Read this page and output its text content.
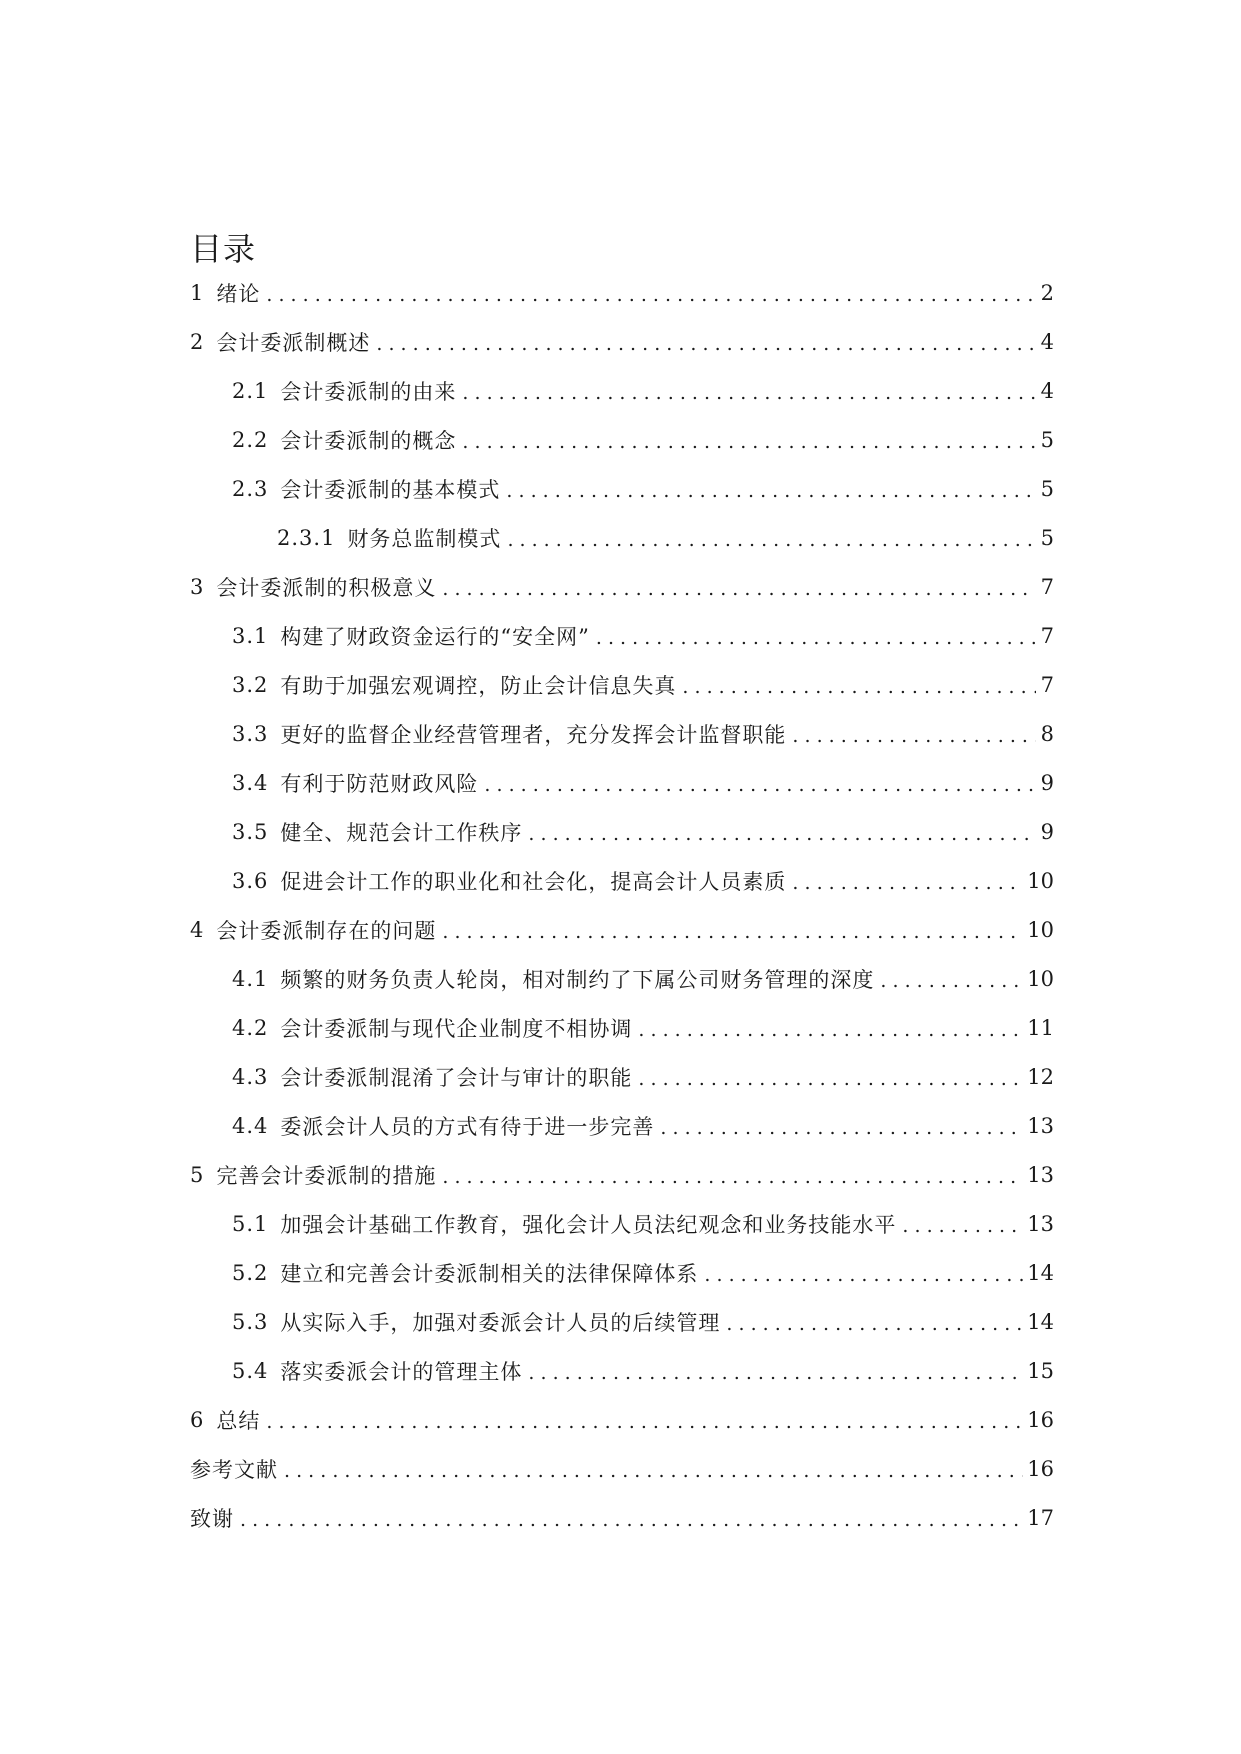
目录
1 绪论 . . .	2
2 会计委派制概述 . . .	4
2.1 会计委派制的由来 . . .	4
2.2 会计委派制的概念 . . .	5
2.3 会计委派制的基本模式 . . .	5
2.3.1 财务总监制模式 . . .	5
3 会计委派制的积极意义 . . .	7
3.1 构建了财政资金运行的“安全网” . . .	7
3.2 有助于加强宏观调控，防止会计信息失真 . . .	7
3.3 更好的监督企业经营管理者，充分发挥会计监督职能 . . .	8
3.4 有利于防范财政风险 . . .	9
3.5 健全、规范会计工作秩序 . . .	9
3.6 促进会计工作的职业化和社会化，提高会计人员素质 . . .	10
4 会计委派制存在的问题 . . .	10
4.1 频繁的财务负责人轮岗，相对制约了下属公司财务管理的深度 . . .	10
4.2 会计委派制与现代企业制度不相协调 . . .	11
4.3 会计委派制混淆了会计与审计的职能 . . .	12
4.4 委派会计人员的方式有待于进一步完善 . . .	13
5 完善会计委派制的措施 . . .	13
5.1 加强会计基础工作教育，强化会计人员法纪观念和业务技能水平 . . .	13
5.2 建立和完善会计委派制相关的法律保障体系 . . .	14
5.3 从实际入手，加强对委派会计人员的后续管理 . . .	14
5.4 落实委派会计的管理主体 . . .	15
6 总结 . . .	16
参考文献 . . .	16
致谢 . . .	17
